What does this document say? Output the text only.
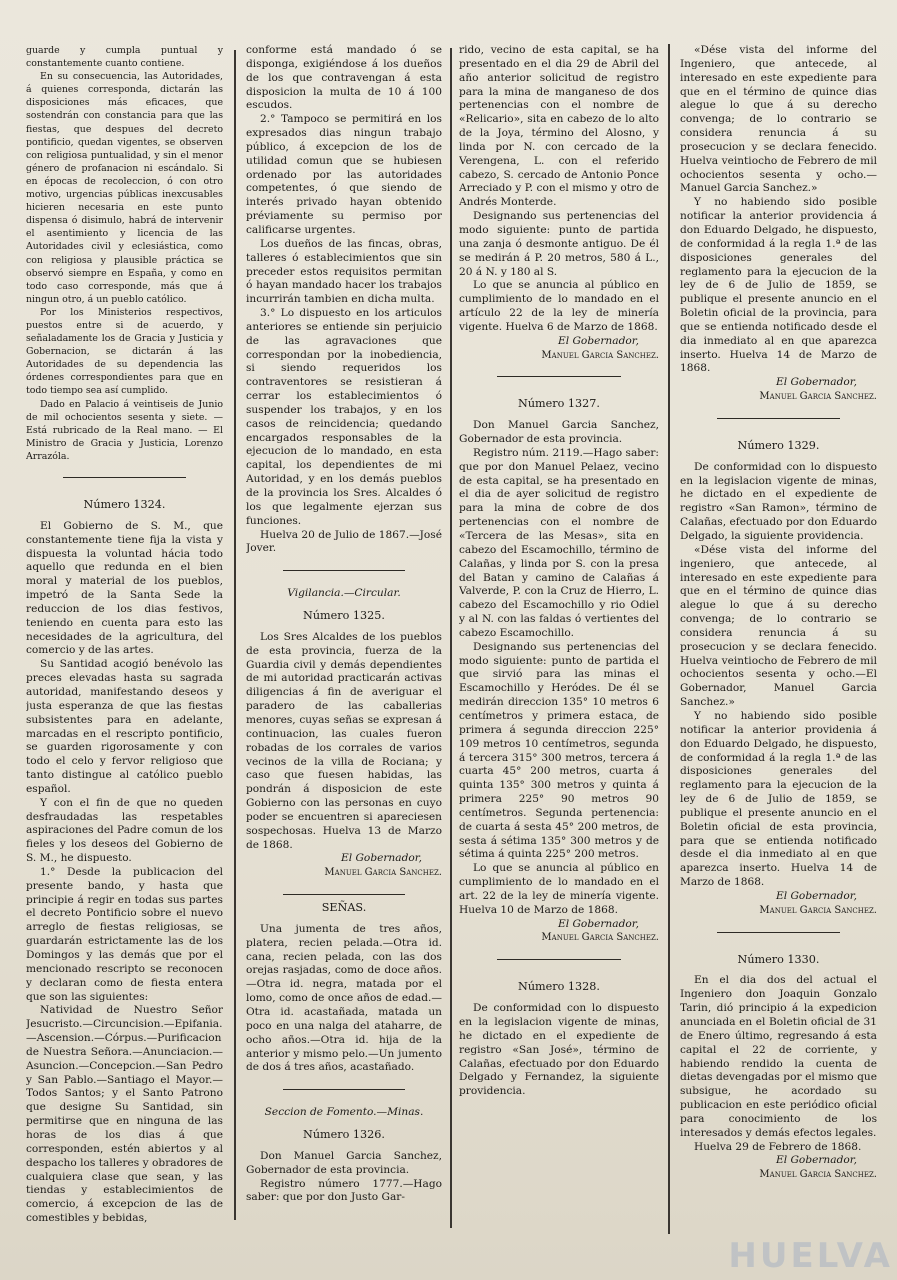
guarde y cumpla puntual y constantemente cuanto contiene.

En su consecuencia, las Autoridades, á quienes corresponda, dictarán las disposiciones más eficaces, que sostendrán con constancia para que las fiestas, que despues del decreto pontificio, quedan vigentes, se observen con religiosa puntualidad, y sin el menor género de profanacion ni escándalo. Si en épocas de recoleccion, ó con otro motivo, urgencias públicas inexcusables hicieren necesaria en este punto dispensa ó disimulo, habrá de intervenir el asentimiento y licencia de las Autoridades civil y eclesiástica, como con religiosa y plausible práctica se observó siempre en España, y como en todo caso corresponde, más que á ningun otro, á un pueblo católico.

Por los Ministerios respectivos, puestos entre si de acuerdo, y señaladamente los de Gracia y Justicia y Gobernacion, se dictarán á las Autoridades de su dependencia las órdenes correspondientes para que en todo tiempo sea así cumplido.

Dado en Palacio á veintiseis de Junio de mil ochocientos sesenta y siete. —Está rubricado de la Real mano. — El Ministro de Gracia y Justicia, Lorenzo Arrazóla.

Número 1324.

El Gobierno de S. M., que constantemente tiene fija la vista y dispuesta la voluntad hácia todo aquello que redunda en el bien moral y material de los pueblos, impetró de la Santa Sede la reduccion de los dias festivos, teniendo en cuenta para esto las necesidades de la agricultura, del comercio y de las artes.

Su Santidad acogió benévolo las preces elevadas hasta su sagrada autoridad, manifestando deseos y justa esperanza de que las fiestas subsistentes para en adelante, marcadas en el rescripto pontificio, se guarden rigorosamente y con todo el celo y fervor religioso que tanto distingue al católico pueblo español.

Y con el fin de que no queden desfraudadas las respetables aspiraciones del Padre comun de los fieles y los deseos del Gobierno de S. M., he dispuesto.

1.° Desde la publicacion del presente bando, y hasta que principie á regir en todas sus partes el decreto Pontificio sobre el nuevo arreglo de fiestas religiosas, se guardarán estrictamente las de los Domingos y las demás que por el mencionado rescripto se reconocen y declaran como de fiesta entera que son las siguientes:

Natividad de Nuestro Señor Jesucristo.—Circuncision.—Epifania.—Ascension.—Córpus.—Purificacion de Nuestra Señora.—Anunciacion.—Asuncion.—Concepcion.—San Pedro y San Pablo.—Santiago el Mayor.—Todos Santos; y el Santo Patrono que designe Su Santidad, sin permitirse que en ninguna de las horas de los dias á que corresponden, estén abiertos y al despacho los talleres y obradores de cualquiera clase que sean, y las tiendas y establecimientos de comercio, á excepcion de las de comestibles y bebidas,

conforme está mandado ó se disponga, exigiéndose á los dueños de los que contravengan á esta disposicion la multa de 10 á 100 escudos.

2.° Tampoco se permitirá en los expresados dias ningun trabajo público, á excepcion de los de utilidad comun que se hubiesen ordenado por las autoridades competentes, ó que siendo de interés privado hayan obtenido préviamente su permiso por calificarse urgentes.

Los dueños de las fincas, obras, talleres ó establecimientos que sin preceder estos requisitos permitan ó hayan mandado hacer los trabajos incurrirán tambien en dicha multa.

3.° Lo dispuesto en los articulos anteriores se entiende sin perjuicio de las agravaciones que correspondan por la inobediencia, si siendo requeridos los contraventores se resistieran á cerrar los establecimientos ó suspender los trabajos, y en los casos de reincidencia; quedando encargados responsables de la ejecucion de lo mandado, en esta capital, los dependientes de mi Autoridad, y en los demás pueblos de la provincia los Sres. Alcaldes ó los que legalmente ejerzan sus funciones.

Huelva 20 de Julio de 1867.—José Jover.

Vigilancia.—Circular.

Número 1325.

Los Sres Alcaldes de los pueblos de esta provincia, fuerza de la Guardia civil y demás dependientes de mi autoridad practicarán activas diligencias á fin de averiguar el paradero de las caballerias menores, cuyas señas se expresan á continuacion, las cuales fueron robadas de los corrales de varios vecinos de la villa de Rociana; y caso que fuesen habidas, las pondrán á disposicion de este Gobierno con las personas en cuyo poder se encuentren si apareciesen sospechosas. Huelva 13 de Marzo de 1868.

El Gobernador,

Manuel Garcia Sanchez.

SEÑAS.

Una jumenta de tres años, platera, recien pelada.—Otra id. cana, recien pelada, con las dos orejas rasjadas, como de doce años.—Otra id. negra, matada por el lomo, como de once años de edad.—Otra id. acastañada, matada un poco en una nalga del ataharre, de ocho años.—Otra id. hija de la anterior y mismo pelo.—Un jumento de dos á tres años, acastañado.

Seccion de Fomento.—Minas.

Número 1326.

Don Manuel Garcia Sanchez, Gobernador de esta provincia.

Registro número 1777.—Hago saber: que por don Justo Gar-

rido, vecino de esta capital, se ha presentado en el dia 29 de Abril del año anterior solicitud de registro para la mina de manganeso de dos pertenencias con el nombre de «Relicario», sita en cabezo de lo alto de la Joya, término del Alosno, y linda por N. con cercado de la Verengena, L. con el referido cabezo, S. cercado de Antonio Ponce Arreciado y P. con el mismo y otro de Andrés Monterde.

Designando sus pertenencias del modo siguiente: punto de partida una zanja ó desmonte antiguo. De él se medirán á P. 20 metros, 580 á L., 20 á N. y 180 al S.

Lo que se anuncia al público en cumplimiento de lo mandado en el artículo 22 de la ley de minería vigente. Huelva 6 de Marzo de 1868.

El Gobernador,

Manuel Garcia Sanchez.

Número 1327.

Don Manuel Garcia Sanchez, Gobernador de esta provincia.

Registro núm. 2119.—Hago saber: que por don Manuel Pelaez, vecino de esta capital, se ha presentado en el dia de ayer solicitud de registro para la mina de cobre de dos pertenencias con el nombre de «Tercera de las Mesas», sita en cabezo del Escamochillo, término de Calañas, y linda por S. con la presa del Batan y camino de Calañas á Valverde, P. con la Cruz de Hierro, L. cabezo del Escamochillo y rio Odiel y al N. con las faldas ó vertientes del cabezo Escamochillo.

Designando sus pertenencias del modo siguiente: punto de partida el que sirvió para las minas el Escamochillo y Heródes. De él se medirán direccion 135° 10 metros 6 centímetros y primera estaca, de primera á segunda direccion 225° 109 metros 10 centímetros, segunda á tercera 315° 300 metros, tercera á cuarta 45° 200 metros, cuarta á quinta 135° 300 metros y quinta á primera 225° 90 metros 90 centímetros. Segunda pertenencia: de cuarta á sesta 45° 200 metros, de sesta á sétima 135° 300 metros y de sétima á quinta 225° 200 metros.

Lo que se anuncia al público en cumplimiento de lo mandado en el art. 22 de la ley de minería vigente. Huelva 10 de Marzo de 1868.

El Gobernador,

Manuel Garcia Sanchez.

Número 1328.

De conformidad con lo dispuesto en la legislacion vigente de minas, he dictado en el expediente de registro «San José», término de Calañas, efectuado por don Eduardo Delgado y Fernandez, la siguiente providencia.

«Dése vista del informe del Ingeniero, que antecede, al interesado en este expediente para que en el término de quince dias alegue lo que á su derecho convenga; de lo contrario se considera renuncia á su prosecucion y se declara fenecido. Huelva veintiocho de Febrero de mil ochocientos sesenta y ocho.—Manuel Garcia Sanchez.»

Y no habiendo sido posible notificar la anterior providencia á don Eduardo Delgado, he dispuesto, de conformidad á la regla 1.ª de las disposiciones generales del reglamento para la ejecucion de la ley de 6 de Julio de 1859, se publique el presente anuncio en el Boletin oficial de la provincia, para que se entienda notificado desde el dia inmediato al en que aparezca inserto. Huelva 14 de Marzo de 1868.

El Gobernador,

Manuel Garcia Sanchez.

Número 1329.

De conformidad con lo dispuesto en la legislacion vigente de minas, he dictado en el expediente de registro «San Ramon», término de Calañas, efectuado por don Eduardo Delgado, la siguiente providencia.

«Dése vista del informe del ingeniero, que antecede, al interesado en este expediente para que en el término de quince dias alegue lo que á su derecho convenga; de lo contrario se considera renuncia á su prosecucion y se declara fenecido. Huelva veintiocho de Febrero de mil ochocientos sesenta y ocho.—El Gobernador, Manuel Garcia Sanchez.»

Y no habiendo sido posible notificar la anterior providenia á don Eduardo Delgado, he dispuesto, de conformidad á la regla 1.ª de las disposiciones generales del reglamento para la ejecucion de la ley de 6 de Julio de 1859, se publique el presente anuncio en el Boletin oficial de esta provincia, para que se entienda notificado desde el dia inmediato al en que aparezca inserto. Huelva 14 de Marzo de 1868.

El Gobernador,

Manuel Garcia Sanchez.

Número 1330.

En el dia dos del actual el Ingeniero don Joaquin Gonzalo Tarin, dió principio á la expedicion anunciada en el Boletin oficial de 31 de Enero último, regresando á esta capital el 22 de corriente, y habiendo rendido la cuenta de dietas devengadas por el mismo que subsigue, he acordado su publicacion en este periódico oficial para conocimiento de los interesados y demás efectos legales.

Huelva 29 de Febrero de 1868.

El Gobernador,

Manuel Garcia Sanchez.

HUELVA
